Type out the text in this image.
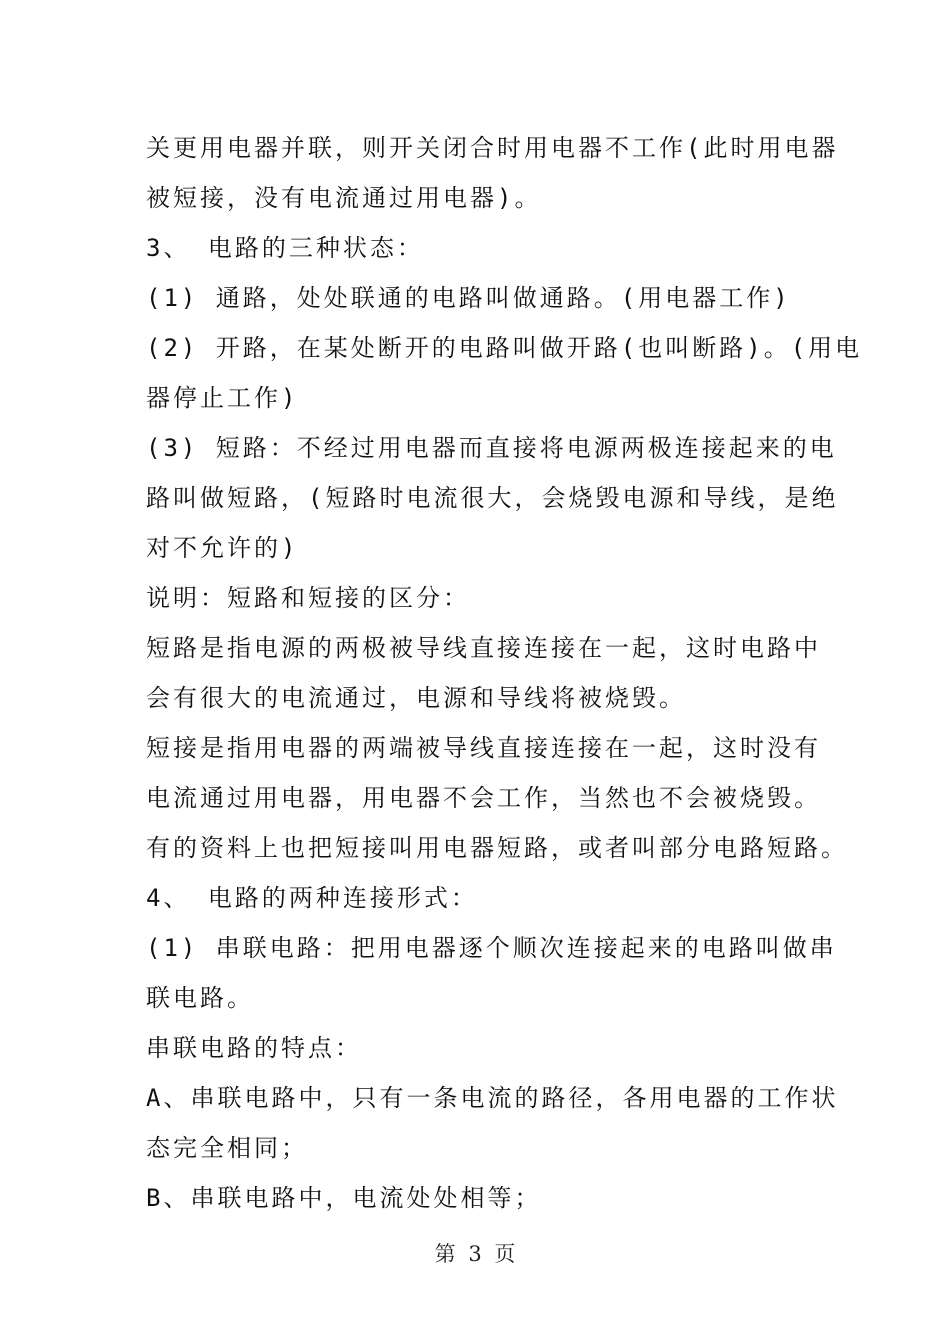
关更用电器并联，则开关闭合时用电器不工作(此时用电器
被短接，没有电流通过用电器)。
3、 电路的三种状态：
(1) 通路，处处联通的电路叫做通路。(用电器工作)
(2) 开路，在某处断开的电路叫做开路(也叫断路)。(用电
器停止工作)
(3) 短路：不经过用电器而直接将电源两极连接起来的电
路叫做短路，(短路时电流很大，会烧毁电源和导线，是绝
对不允许的)
说明：短路和短接的区分：
短路是指电源的两极被导线直接连接在一起，这时电路中
会有很大的电流通过，电源和导线将被烧毁。
短接是指用电器的两端被导线直接连接在一起，这时没有
电流通过用电器，用电器不会工作，当然也不会被烧毁。
有的资料上也把短接叫用电器短路，或者叫部分电路短路。
4、 电路的两种连接形式：
(1) 串联电路：把用电器逐个顺次连接起来的电路叫做串
联电路。
串联电路的特点：
A、串联电路中，只有一条电流的路径，各用电器的工作状
态完全相同；
B、串联电路中，电流处处相等；
第 3 页
